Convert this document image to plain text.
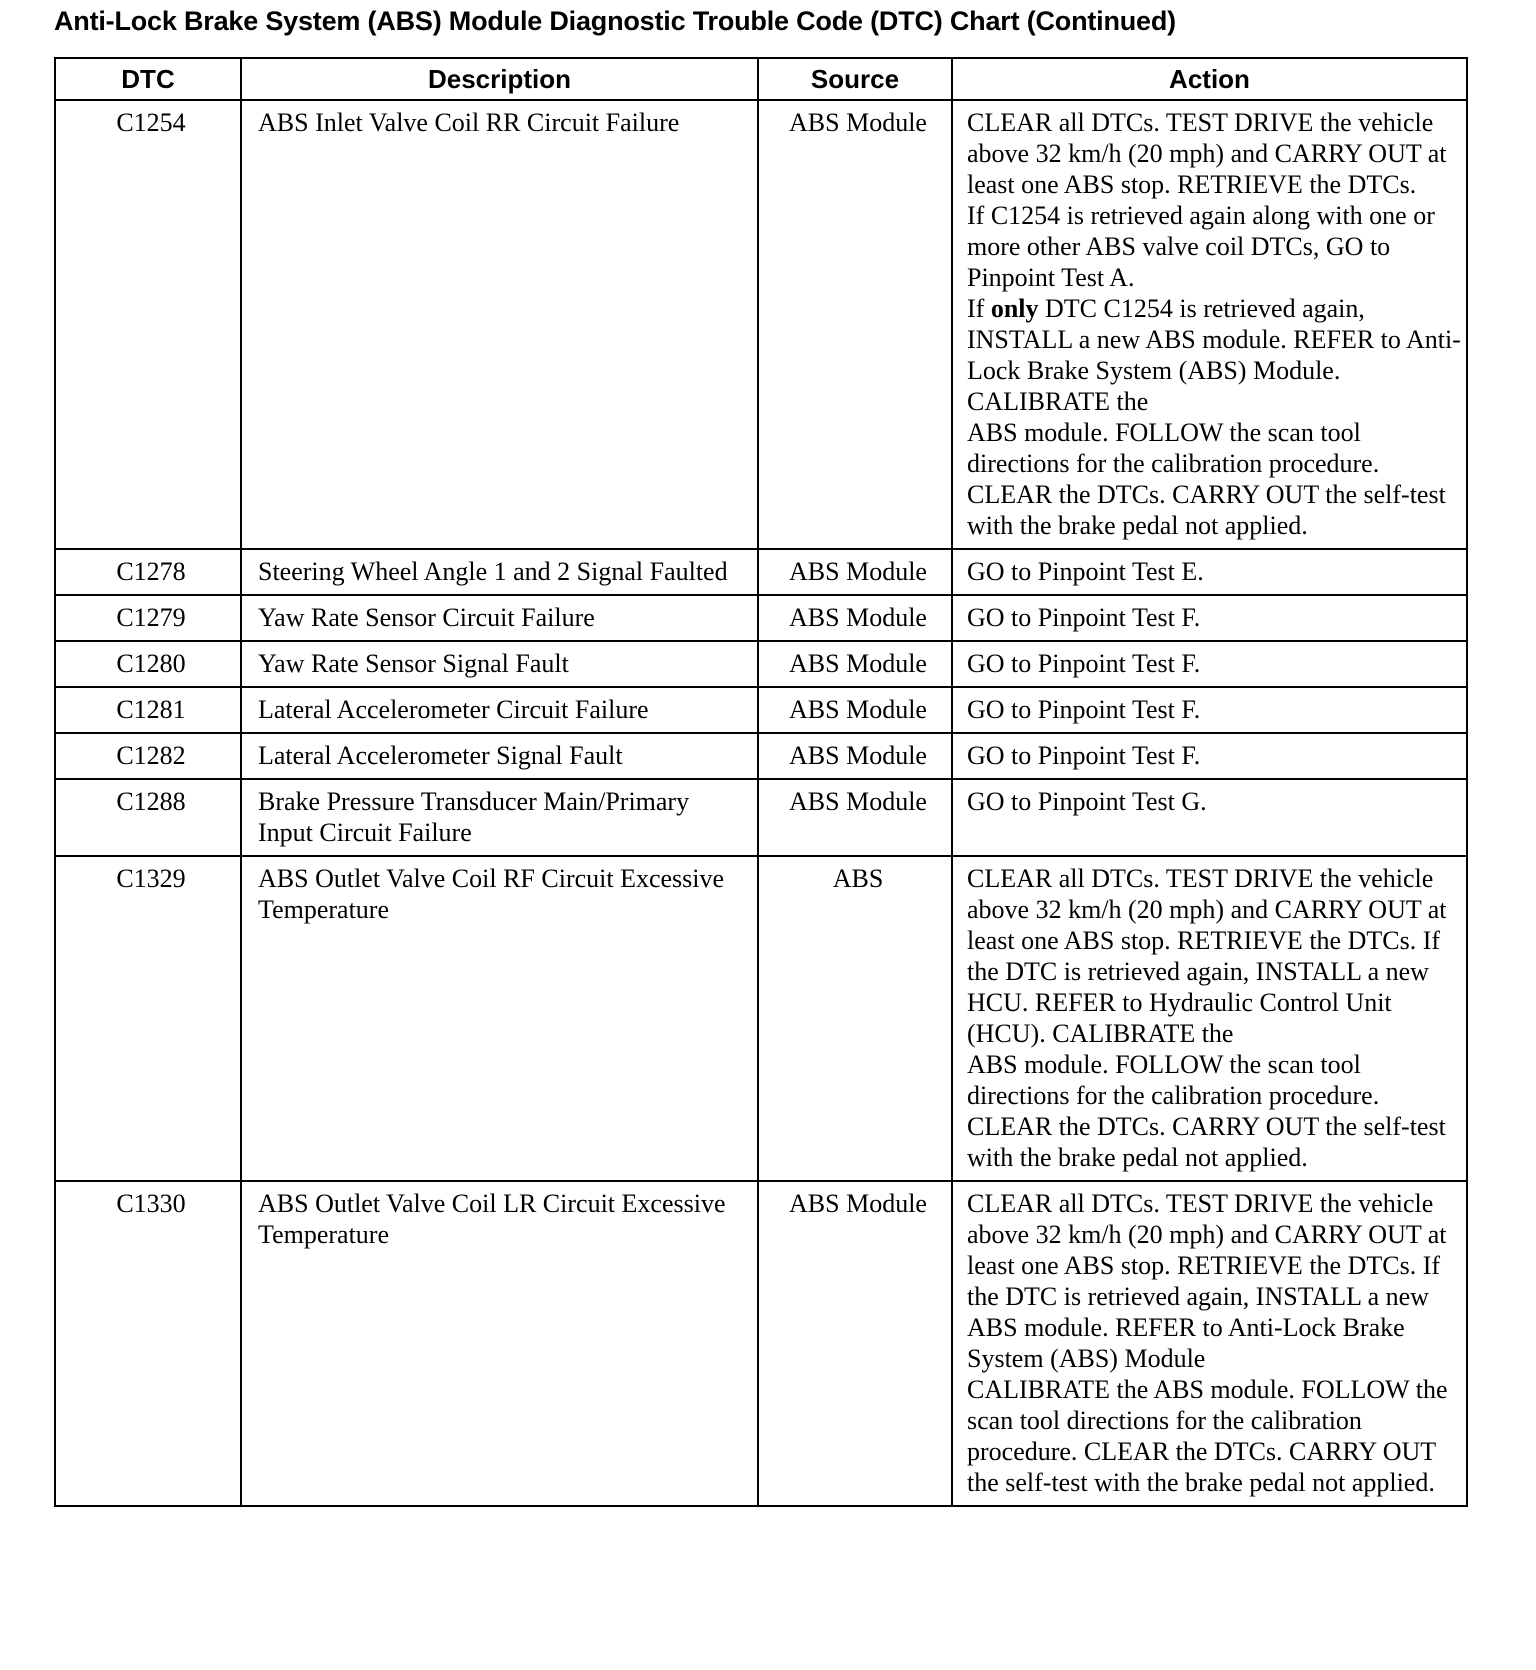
Anti-Lock Brake System (ABS) Module Diagnostic Trouble Code (DTC) Chart (Continued)
DTC	Description	Source	Action
C1254	ABS Inlet Valve Coil RR Circuit Failure	ABS Module	CLEAR all DTCs. TEST DRIVE the vehicle above 32 km/h (20 mph) and CARRY OUT at least one ABS stop. RETRIEVE the DTCs.
If C1254 is retrieved again along with one or more other ABS valve coil DTCs, GO to Pinpoint Test A.
If only DTC C1254 is retrieved again, INSTALL a new ABS module. REFER to Anti-Lock Brake System (ABS) Module. CALIBRATE the
ABS module. FOLLOW the scan tool directions for the calibration procedure. CLEAR the DTCs. CARRY OUT the self-test with the brake pedal not applied.

C1278	Steering Wheel Angle 1 and 2 Signal Faulted	ABS Module	GO to Pinpoint Test E.
C1279	Yaw Rate Sensor Circuit Failure	ABS Module	GO to Pinpoint Test F.
C1280	Yaw Rate Sensor Signal Fault	ABS Module	GO to Pinpoint Test F.
C1281	Lateral Accelerometer Circuit Failure	ABS Module	GO to Pinpoint Test F.
C1282	Lateral Accelerometer Signal Fault	ABS Module	GO to Pinpoint Test F.
C1288	Brake Pressure Transducer Main/Primary Input Circuit Failure	ABS Module	GO to Pinpoint Test G.
C1329	ABS Outlet Valve Coil RF Circuit Excessive Temperature	ABS	CLEAR all DTCs. TEST DRIVE the vehicle above 32 km/h (20 mph) and CARRY OUT at least one ABS stop. RETRIEVE the DTCs. If the DTC is retrieved again, INSTALL a new HCU. REFER to Hydraulic Control Unit (HCU). CALIBRATE the
ABS module. FOLLOW the scan tool directions for the calibration procedure. CLEAR the DTCs. CARRY OUT the self-test with the brake pedal not applied.

C1330	ABS Outlet Valve Coil LR Circuit Excessive Temperature	ABS Module	CLEAR all DTCs. TEST DRIVE the vehicle above 32 km/h (20 mph) and CARRY OUT at least one ABS stop. RETRIEVE the DTCs. If the DTC is retrieved again, INSTALL a new ABS module. REFER to Anti-Lock Brake System (ABS) Module
CALIBRATE the ABS module. FOLLOW the scan tool directions for the calibration procedure. CLEAR the DTCs. CARRY OUT the self-test with the brake pedal not applied.
